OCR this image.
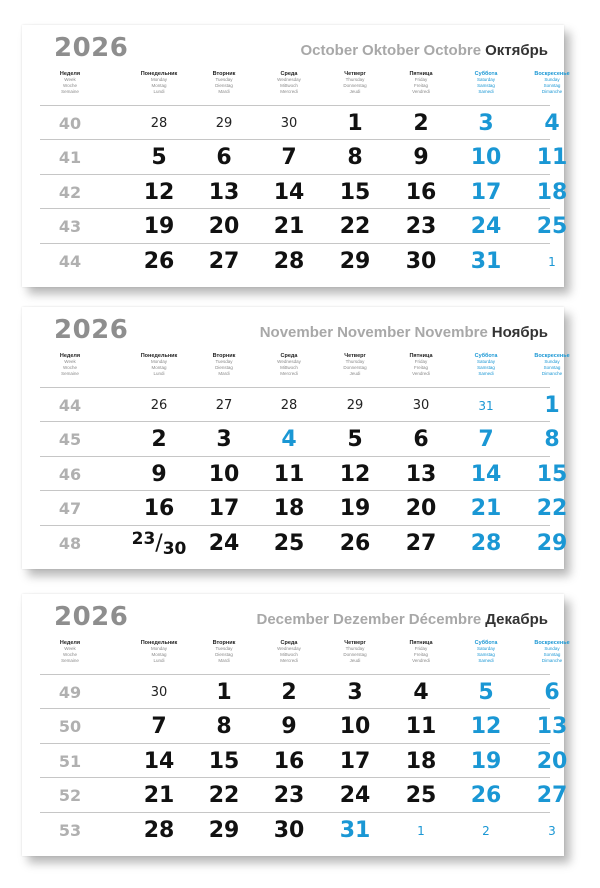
2026	October Oktober Octobre Октябрь
Неделя
Week
Woche
Semaine
Понедельник
Monday
Montag
Lundi
Вторник
Tuesday
Dienstag
Mardi
Среда
Wednesday
Mittwoch
Mercredi
Четверг
Thursday
Donnerstag
Jeudi
Пятница
Friday
Freitag
Vendredi
Суббота
Saturday
Samstag
Samedi
Воскресенье
Sunday
Sonntag
Dimanche
40	28	29	30	1	2	3	4
41	5	6	7	8	9	10	11
42	12	13	14	15	16	17	18
43	19	20	21	22	23	24	25
44	26	27	28	29	30	31	1
2026	November November Novembre Ноябрь
Неделя
Week
Woche
Semaine
Понедельник
Monday
Montag
Lundi
Вторник
Tuesday
Dienstag
Mardi
Среда
Wednesday
Mittwoch
Mercredi
Четверг
Thursday
Donnerstag
Jeudi
Пятница
Friday
Freitag
Vendredi
Суббота
Saturday
Samstag
Samedi
Воскресенье
Sunday
Sonntag
Dimanche
44	26	27	28	29	30	31	1
45	2	3	4	5	6	7	8
46	9	10	11	12	13	14	15
47	16	17	18	19	20	21	22
48	$^{23}$/30	24	25	26	27	28	29
2026	December Dezember Décembre Декабрь
Неделя
Week
Woche
Semaine
Понедельник
Monday
Montag
Lundi
Вторник
Tuesday
Dienstag
Mardi
Среда
Wednesday
Mittwoch
Mercredi
Четверг
Thursday
Donnerstag
Jeudi
Пятница
Friday
Freitag
Vendredi
Суббота
Saturday
Samstag
Samedi
Воскресенье
Sunday
Sonntag
Dimanche
49	30	1	2	3	4	5	6
50	7	8	9	10	11	12	13
51	14	15	16	17	18	19	20
52	21	22	23	24	25	26	27
53	28	29	30	31	1	2	3
